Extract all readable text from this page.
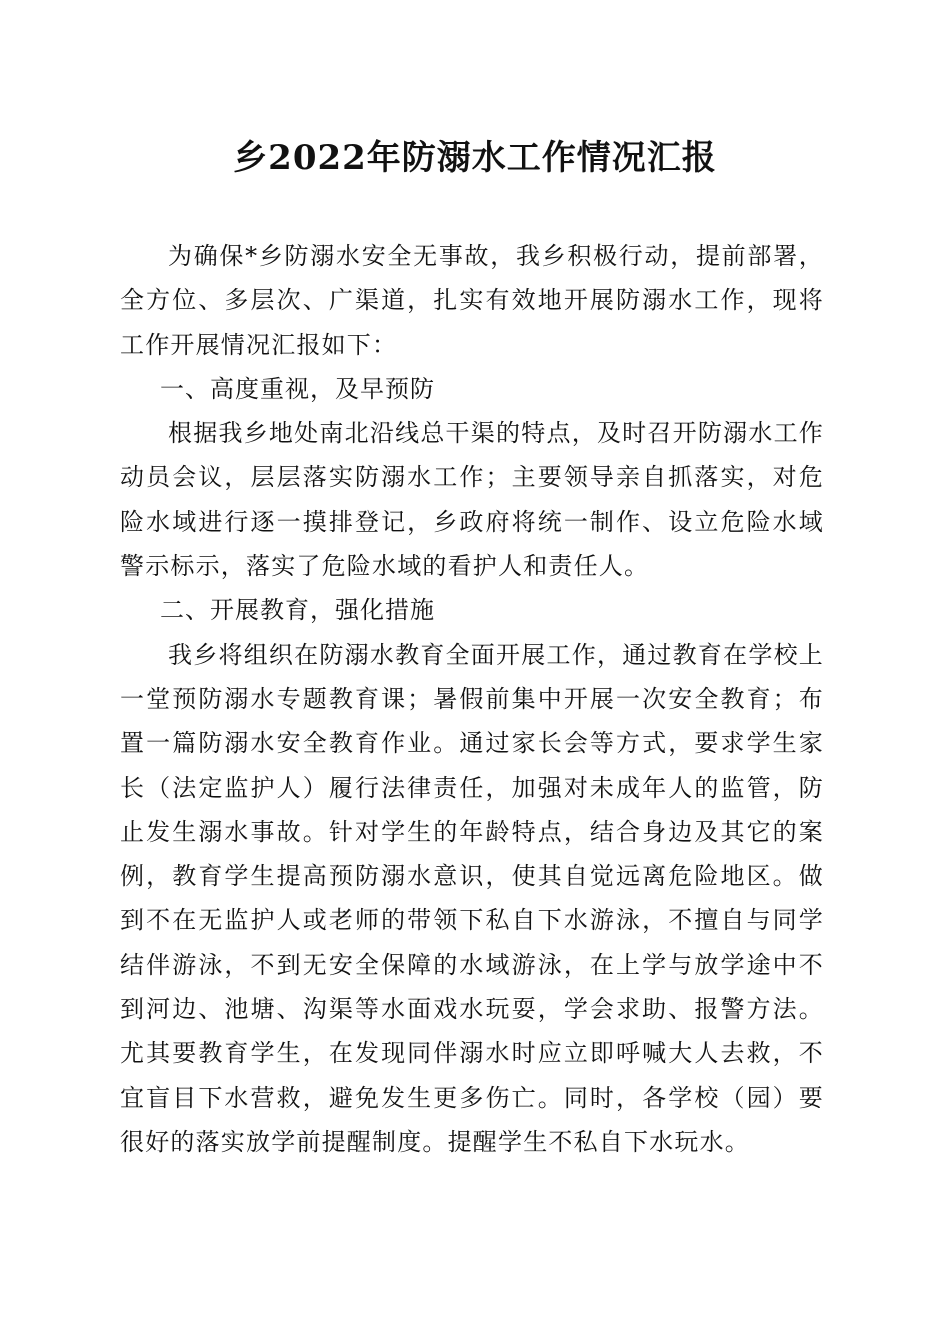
乡2022年防溺水工作情况汇报

为确保*乡防溺水安全无事故，我乡积极行动，提前部署，全方位、多层次、广渠道，扎实有效地开展防溺水工作，现将工作开展情况汇报如下：

一、高度重视，及早预防

根据我乡地处南北沿线总干渠的特点，及时召开防溺水工作动员会议，层层落实防溺水工作；主要领导亲自抓落实，对危险水域进行逐一摸排登记，乡政府将统一制作、设立危险水域警示标示，落实了危险水域的看护人和责任人。

二、开展教育，强化措施

我乡将组织在防溺水教育全面开展工作，通过教育在学校上一堂预防溺水专题教育课；暑假前集中开展一次安全教育；布置一篇防溺水安全教育作业。通过家长会等方式，要求学生家长（法定监护人）履行法律责任，加强对未成年人的监管，防止发生溺水事故。针对学生的年龄特点，结合身边及其它的案例，教育学生提高预防溺水意识，使其自觉远离危险地区。做到不在无监护人或老师的带领下私自下水游泳，不擅自与同学结伴游泳，不到无安全保障的水域游泳，在上学与放学途中不到河边、池塘、沟渠等水面戏水玩耍，学会求助、报警方法。尤其要教育学生，在发现同伴溺水时应立即呼喊大人去救，不宜盲目下水营救，避免发生更多伤亡。同时，各学校（园）要很好的落实放学前提醒制度。提醒学生不私自下水玩水。
